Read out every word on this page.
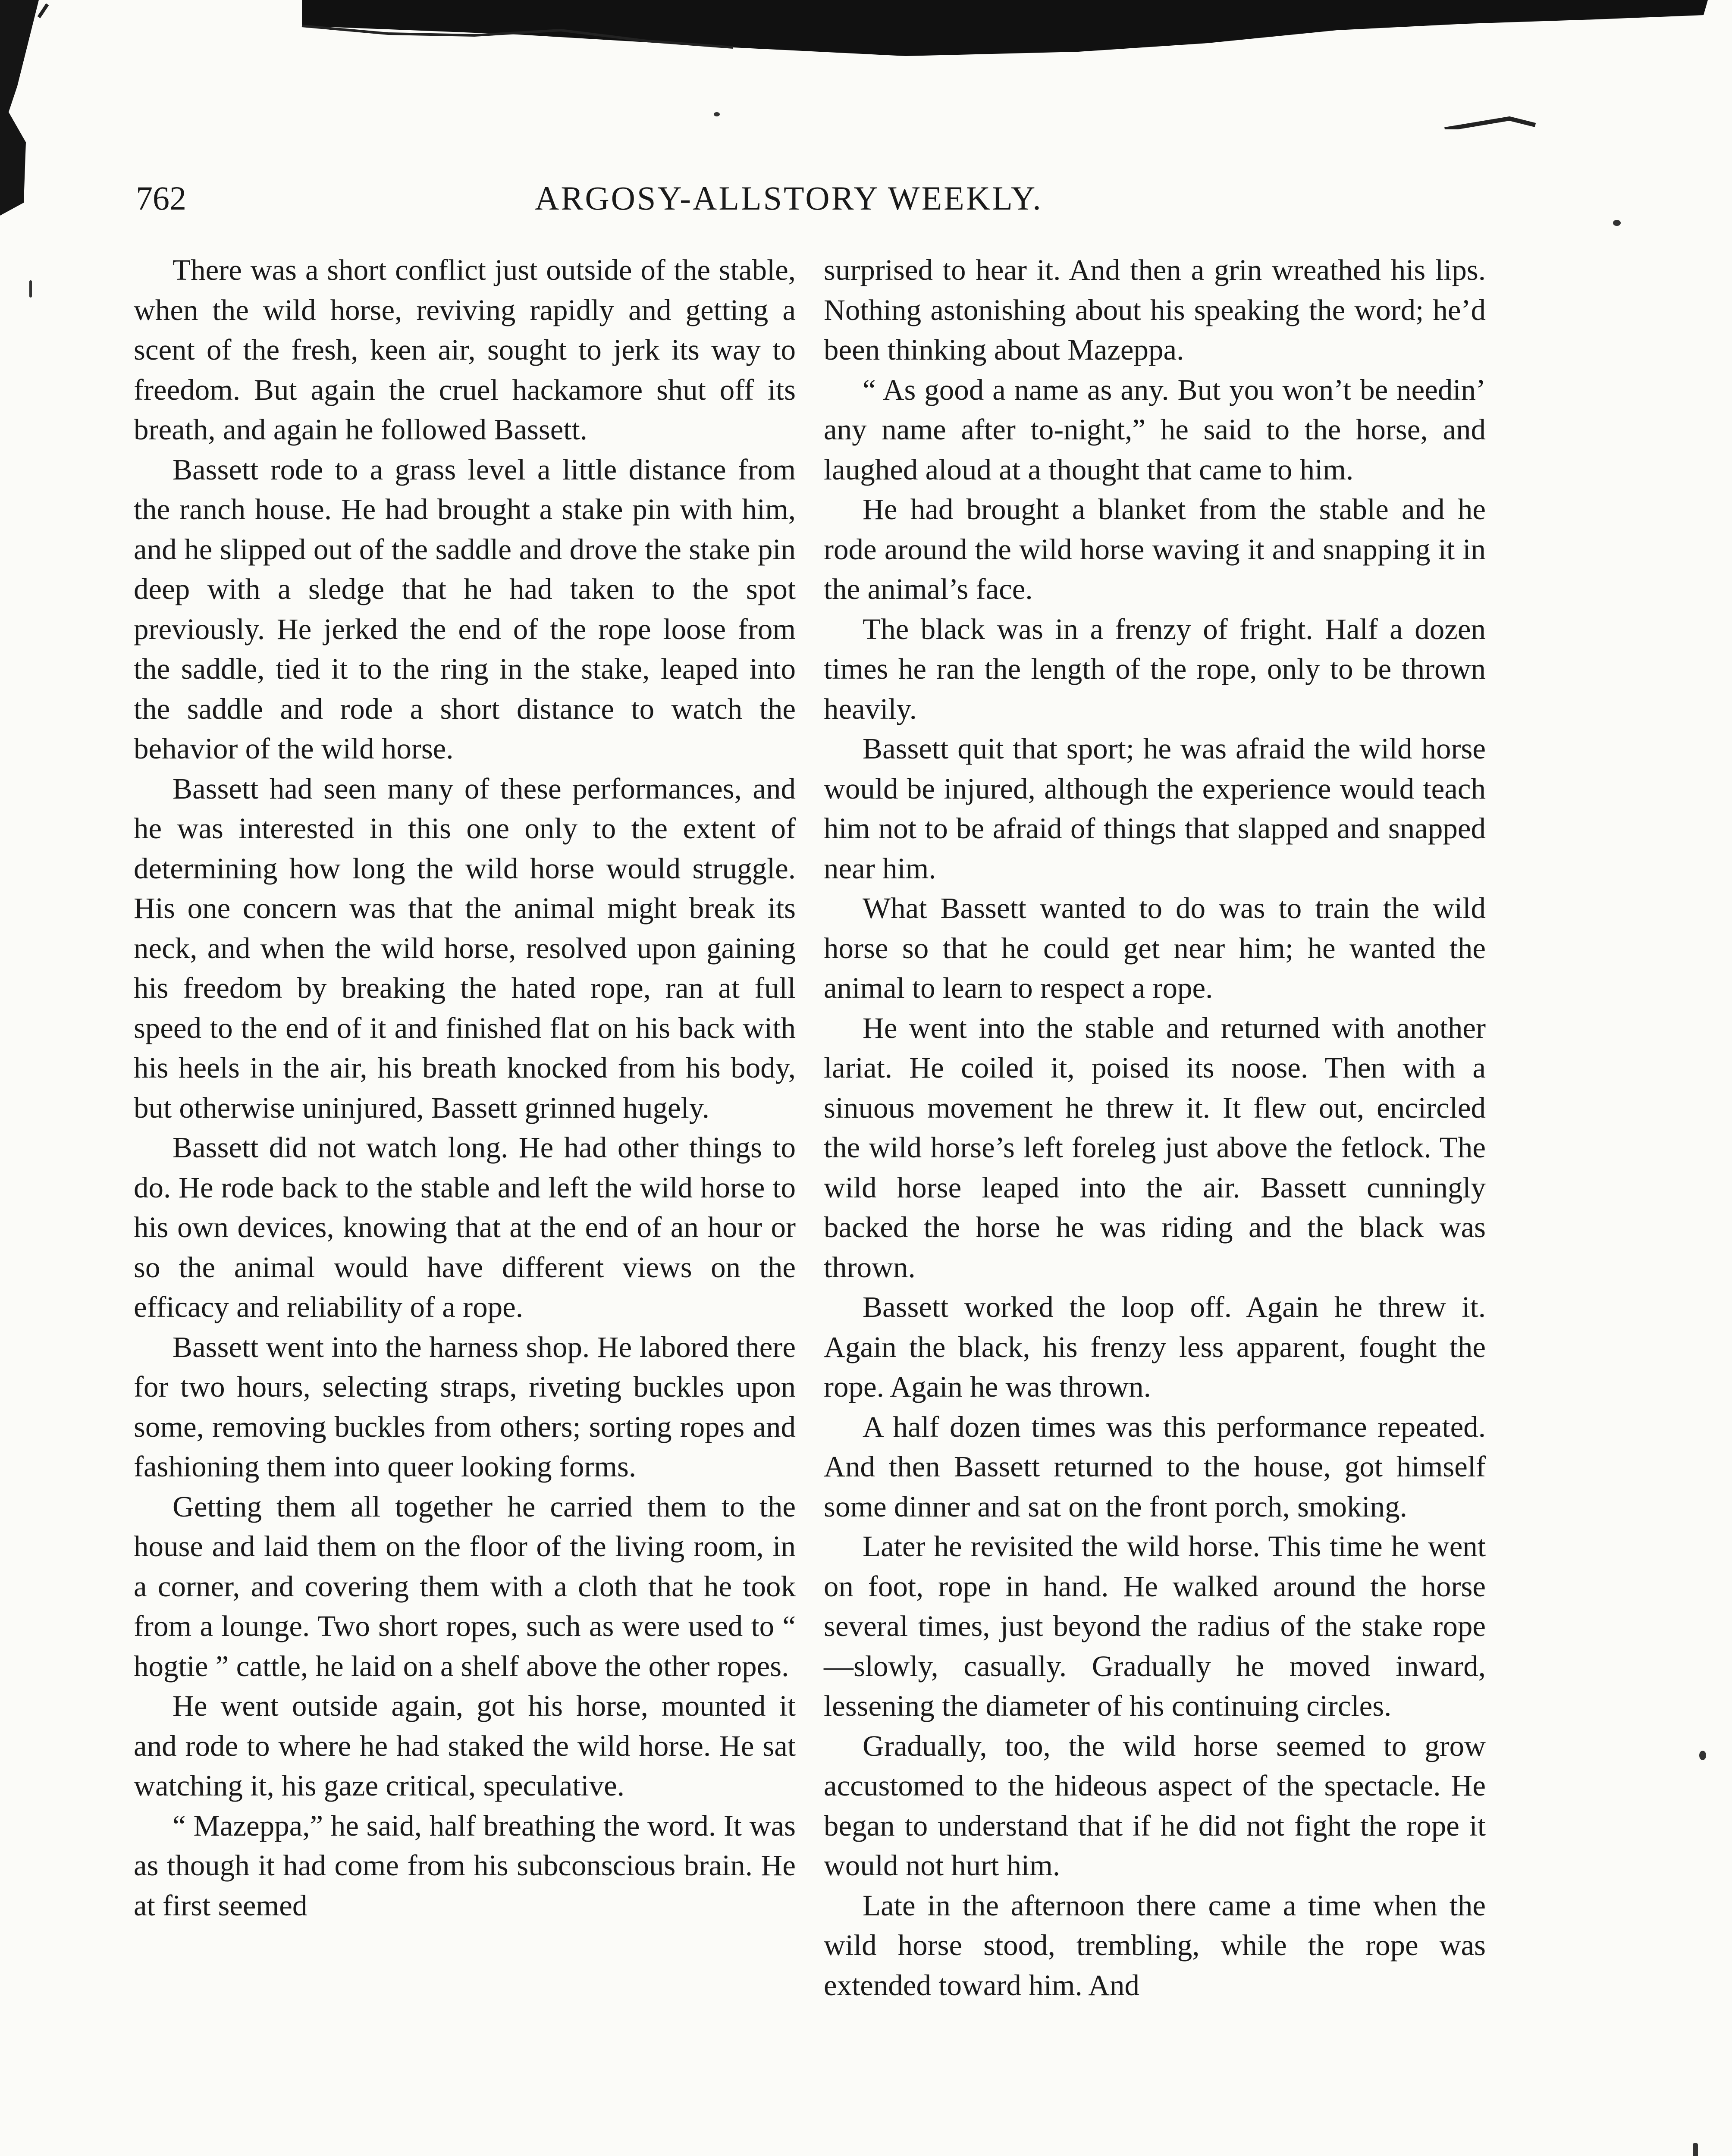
762	ARGOSY-ALLSTORY WEEKLY.

There was a short conflict just outside of the stable, when the wild horse, reviving rapidly and getting a scent of the fresh, keen air, sought to jerk its way to freedom. But again the cruel hackamore shut off its breath, and again he followed Bassett.

Bassett rode to a grass level a little distance from the ranch house. He had brought a stake pin with him, and he slipped out of the saddle and drove the stake pin deep with a sledge that he had taken to the spot previously. He jerked the end of the rope loose from the saddle, tied it to the ring in the stake, leaped into the saddle and rode a short distance to watch the behavior of the wild horse.

Bassett had seen many of these performances, and he was interested in this one only to the extent of determining how long the wild horse would struggle. His one concern was that the animal might break its neck, and when the wild horse, resolved upon gaining his freedom by breaking the hated rope, ran at full speed to the end of it and finished flat on his back with his heels in the air, his breath knocked from his body, but otherwise uninjured, Bassett grinned hugely.

Bassett did not watch long. He had other things to do. He rode back to the stable and left the wild horse to his own devices, knowing that at the end of an hour or so the animal would have different views on the efficacy and reliability of a rope.

Bassett went into the harness shop. He labored there for two hours, selecting straps, riveting buckles upon some, removing buckles from others; sorting ropes and fashioning them into queer looking forms.

Getting them all together he carried them to the house and laid them on the floor of the living room, in a corner, and covering them with a cloth that he took from a lounge. Two short ropes, such as were used to “ hogtie ” cattle, he laid on a shelf above the other ropes.

He went outside again, got his horse, mounted it and rode to where he had staked the wild horse. He sat watching it, his gaze critical, speculative.

“ Mazeppa,” he said, half breathing the word. It was as though it had come from his subconscious brain. He at first seemed

surprised to hear it. And then a grin wreathed his lips. Nothing astonishing about his speaking the word; he’d been thinking about Mazeppa.

“ As good a name as any. But you won’t be needin’ any name after to-night,” he said to the horse, and laughed aloud at a thought that came to him.

He had brought a blanket from the stable and he rode around the wild horse waving it and snapping it in the animal’s face.

The black was in a frenzy of fright. Half a dozen times he ran the length of the rope, only to be thrown heavily.

Bassett quit that sport; he was afraid the wild horse would be injured, although the experience would teach him not to be afraid of things that slapped and snapped near him.

What Bassett wanted to do was to train the wild horse so that he could get near him; he wanted the animal to learn to respect a rope.

He went into the stable and returned with another lariat. He coiled it, poised its noose. Then with a sinuous movement he threw it. It flew out, encircled the wild horse’s left foreleg just above the fetlock. The wild horse leaped into the air. Bassett cunningly backed the horse he was riding and the black was thrown.

Bassett worked the loop off. Again he threw it. Again the black, his frenzy less apparent, fought the rope. Again he was thrown.

A half dozen times was this performance repeated. And then Bassett returned to the house, got himself some dinner and sat on the front porch, smoking.

Later he revisited the wild horse. This time he went on foot, rope in hand. He walked around the horse several times, just beyond the radius of the stake rope—slowly, casually. Gradually he moved inward, lessening the diameter of his continuing circles.

Gradually, too, the wild horse seemed to grow accustomed to the hideous aspect of the spectacle. He began to understand that if he did not fight the rope it would not hurt him.

Late in the afternoon there came a time when the wild horse stood, trembling, while the rope was extended toward him. And
